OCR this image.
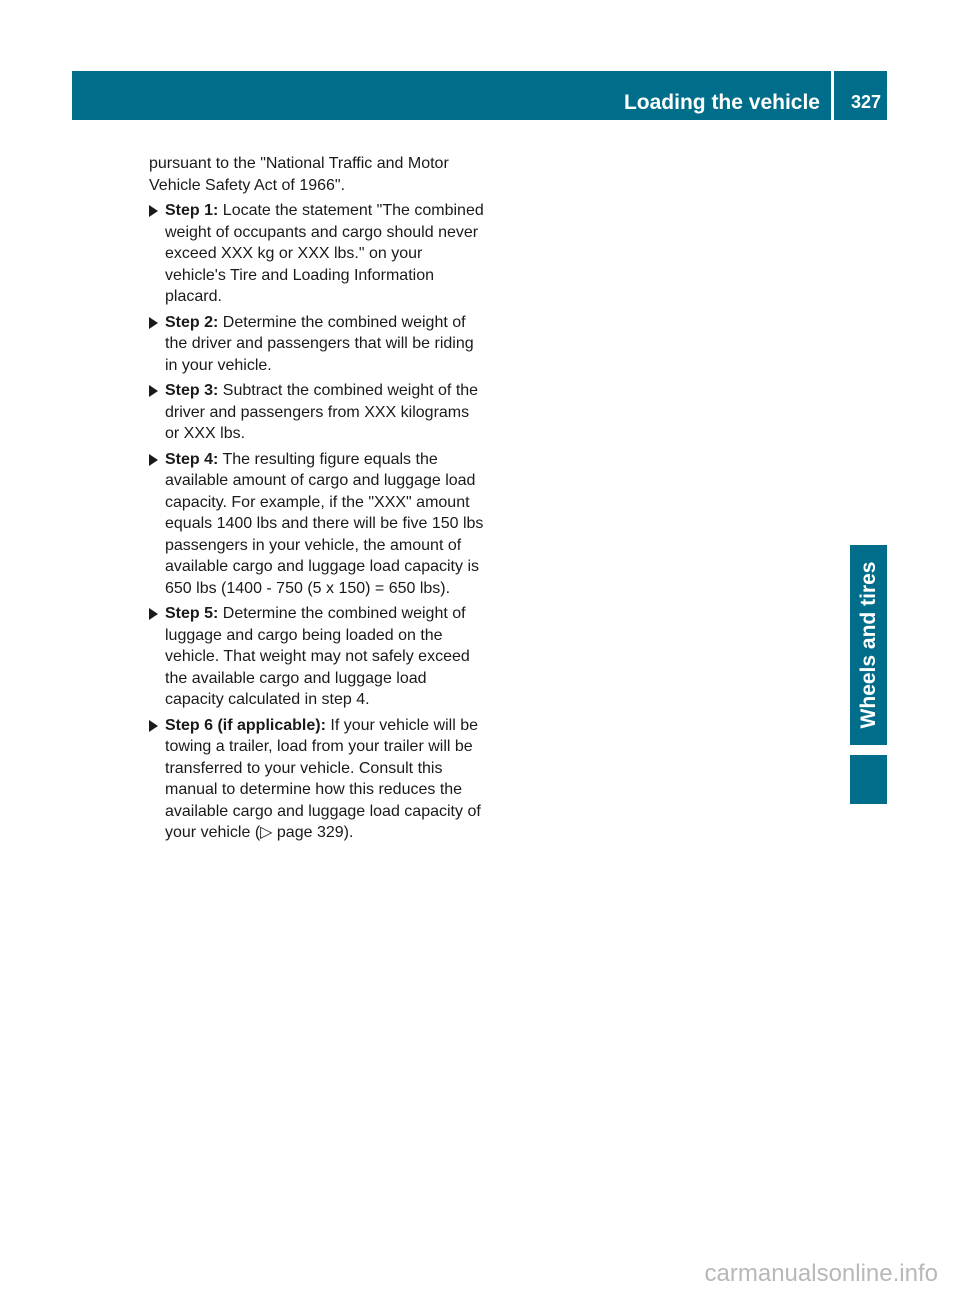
Loading the vehicle 327
Wheels and tires

pursuant to the "National Traffic and Motor Vehicle Safety Act of 1966".

Step 1: Locate the statement "The combined weight of occupants and cargo should never exceed XXX kg or XXX lbs." on your vehicle's Tire and Loading Information placard.
Step 2: Determine the combined weight of the driver and passengers that will be riding in your vehicle.
Step 3: Subtract the combined weight of the driver and passengers from XXX kilograms or XXX lbs.
Step 4: The resulting figure equals the available amount of cargo and luggage load capacity. For example, if the "XXX" amount equals 1400 lbs and there will be five 150 lbs passengers in your vehicle, the amount of available cargo and luggage load capacity is 650 lbs (1400 - 750 (5 x 150) = 650 lbs).
Step 5: Determine the combined weight of luggage and cargo being loaded on the vehicle. That weight may not safely exceed the available cargo and luggage load capacity calculated in step 4.
Step 6 (if applicable): If your vehicle will be towing a trailer, load from your trailer will be transferred to your vehicle. Consult this manual to determine how this reduces the available cargo and luggage load capacity of your vehicle (▷ page 329).
carmanualsonline.info
